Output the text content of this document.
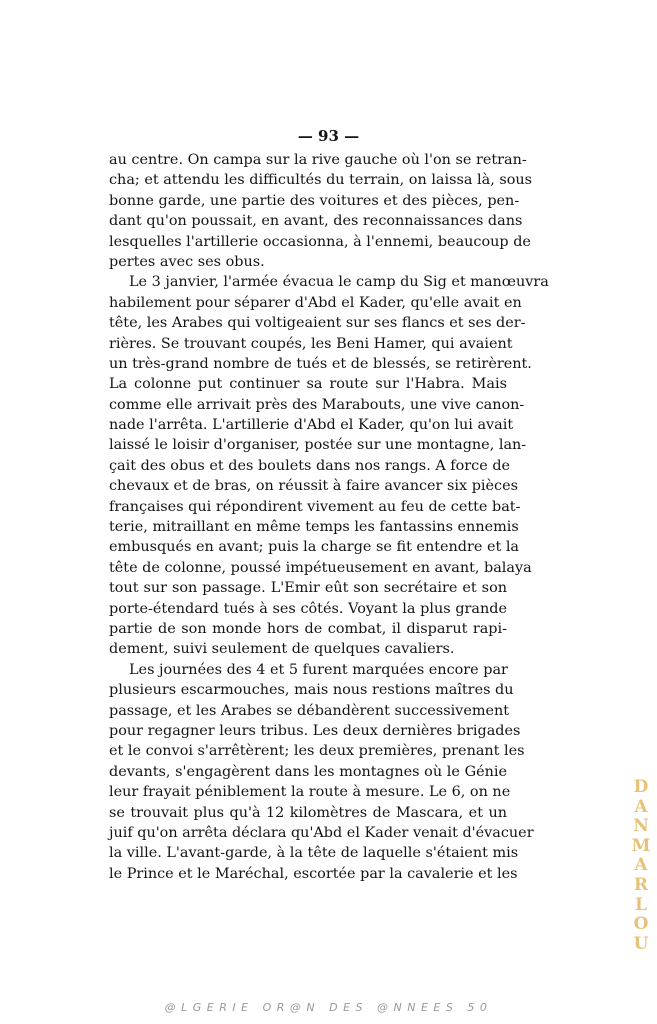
— 93 —
au centre. On campa sur la rive gauche où l'on se retran-
cha; et attendu les difficultés du terrain, on laissa là, sous
bonne garde, une partie des voitures et des pièces, pen-
dant qu'on poussait, en avant, des reconnaissances dans
lesquelles l'artillerie occasionna, à l'ennemi, beaucoup de
pertes avec ses obus.
Le 3 janvier, l'armée évacua le camp du Sig et manœuvra
habilement pour séparer d'Abd el Kader, qu'elle avait en
tête, les Arabes qui voltigeaient sur ses flancs et ses der-
rières. Se trouvant coupés, les Beni Hamer, qui avaient
un très-grand nombre de tués et de blessés, se retirèrent.
La colonne put continuer sa route sur l'Habra. Mais
comme elle arrivait près des Marabouts, une vive canon-
nade l'arrêta. L'artillerie d'Abd el Kader, qu'on lui avait
laissé le loisir d'organiser, postée sur une montagne, lan-
çait des obus et des boulets dans nos rangs. A force de
chevaux et de bras, on réussit à faire avancer six pièces
françaises qui répondirent vivement au feu de cette bat-
terie, mitraillant en même temps les fantassins ennemis
embusqués en avant; puis la charge se fit entendre et la
tête de colonne, poussé impétueusement en avant, balaya
tout sur son passage. L'Emir eût son secrétaire et son
porte-étendard tués à ses côtés. Voyant la plus grande
partie de son monde hors de combat, il disparut rapi-
dement, suivi seulement de quelques cavaliers.
Les journées des 4 et 5 furent marquées encore par
plusieurs escarmouches, mais nous restions maîtres du
passage, et les Arabes se débandèrent successivement
pour regagner leurs tribus. Les deux dernières brigades
et le convoi s'arrêtèrent; les deux premières, prenant les
devants, s'engagèrent dans les montagnes où le Génie
leur frayait péniblement la route à mesure. Le 6, on ne
se trouvait plus qu'à 12 kilomètres de Mascara, et un
juif qu'on arrêta déclara qu'Abd el Kader venait d'évacuer
la ville. L'avant-garde, à la tête de laquelle s'étaient mis
le Prince et le Maréchal, escortée par la cavalerie et les
D
A
N
M
A
R
L
O
U
@LGERIE OR@N DES @NNEES 50
